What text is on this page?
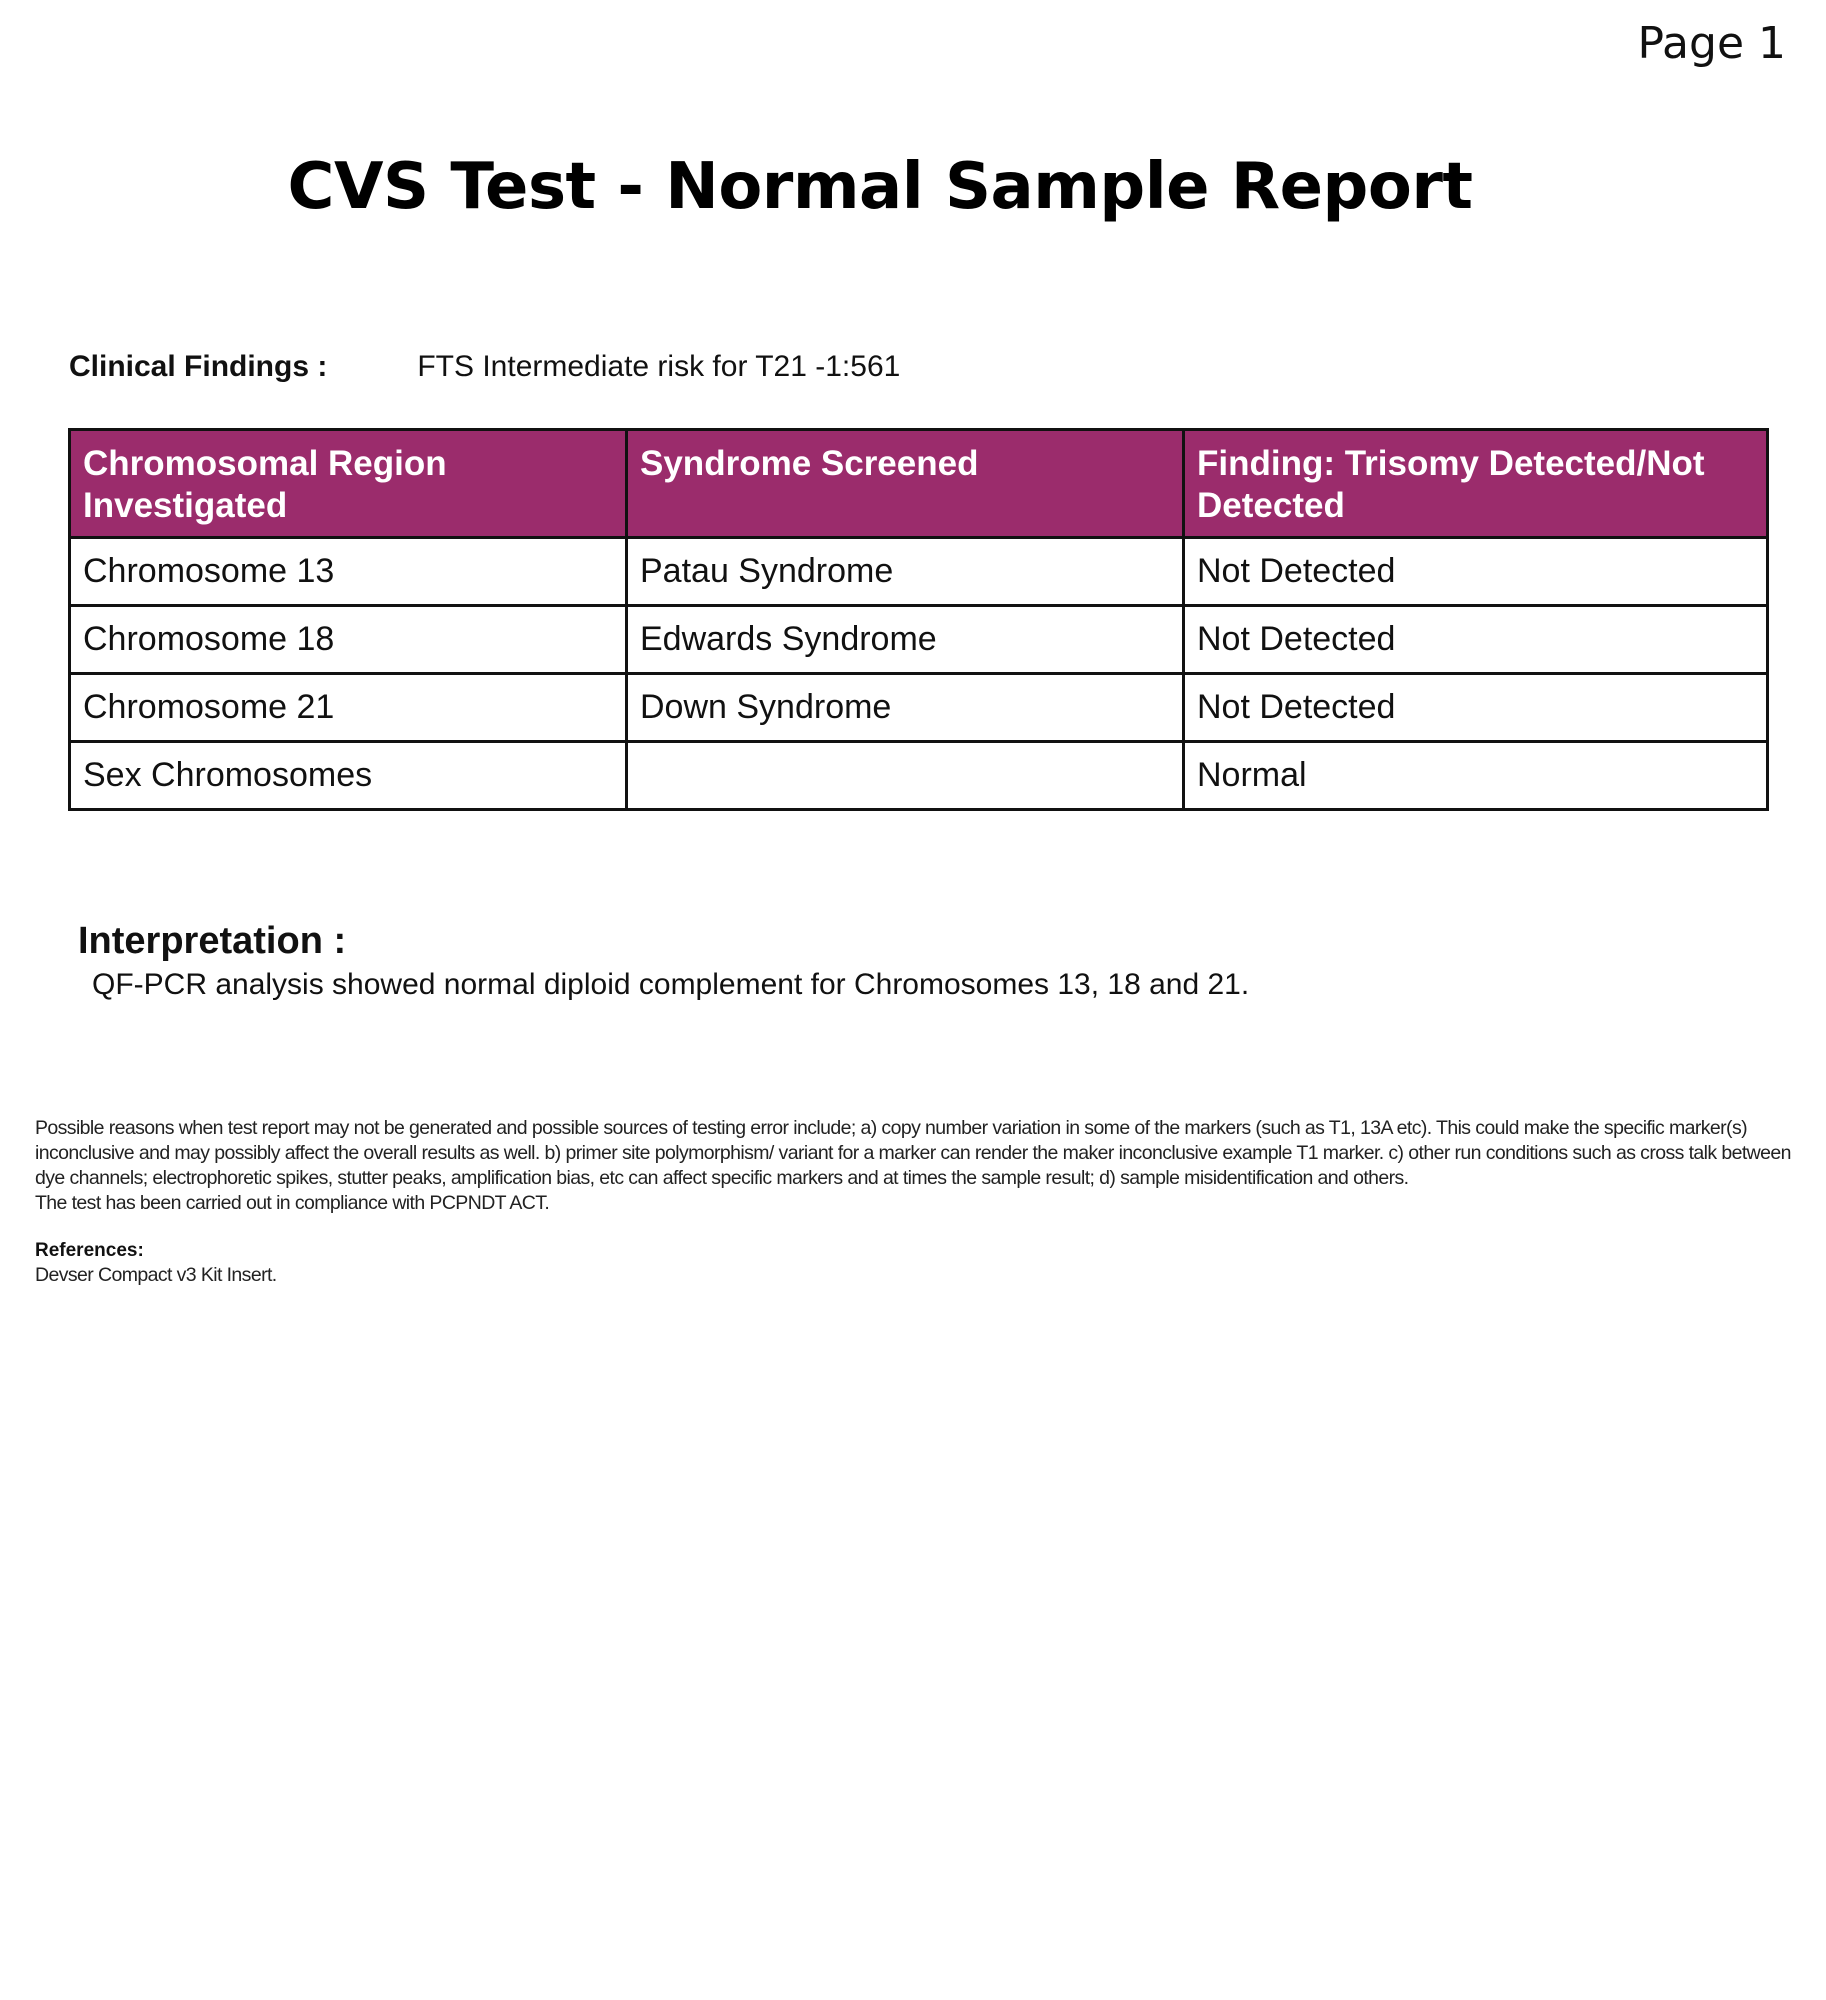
Page 1
CVS Test - Normal Sample Report
Clinical Findings :	FTS Intermediate risk for T21 -1:561
Chromosomal Region Investigated	Syndrome Screened	Finding: Trisomy Detected/Not Detected
Chromosome 13	Patau Syndrome	Not Detected
Chromosome 18	Edwards Syndrome	Not Detected
Chromosome 21	Down Syndrome	Not Detected
Sex Chromosomes		Normal
Interpretation :
QF-PCR analysis showed normal diploid complement for Chromosomes 13, 18 and 21.

Possible reasons when test report may not be generated and possible sources of testing error include; a) copy number variation in some of the markers (such as T1, 13A etc). This could make the specific marker(s) inconclusive and may possibly affect the overall results as well. b) primer site polymorphism/ variant for a marker can render the maker inconclusive example T1 marker. c) other run conditions such as cross talk between dye channels; electrophoretic spikes, stutter peaks, amplification bias, etc can affect specific markers and at times the sample result; d) sample misidentification and others.

The test has been carried out in compliance with PCPNDT ACT.

References:
Devser Compact v3 Kit Insert.
